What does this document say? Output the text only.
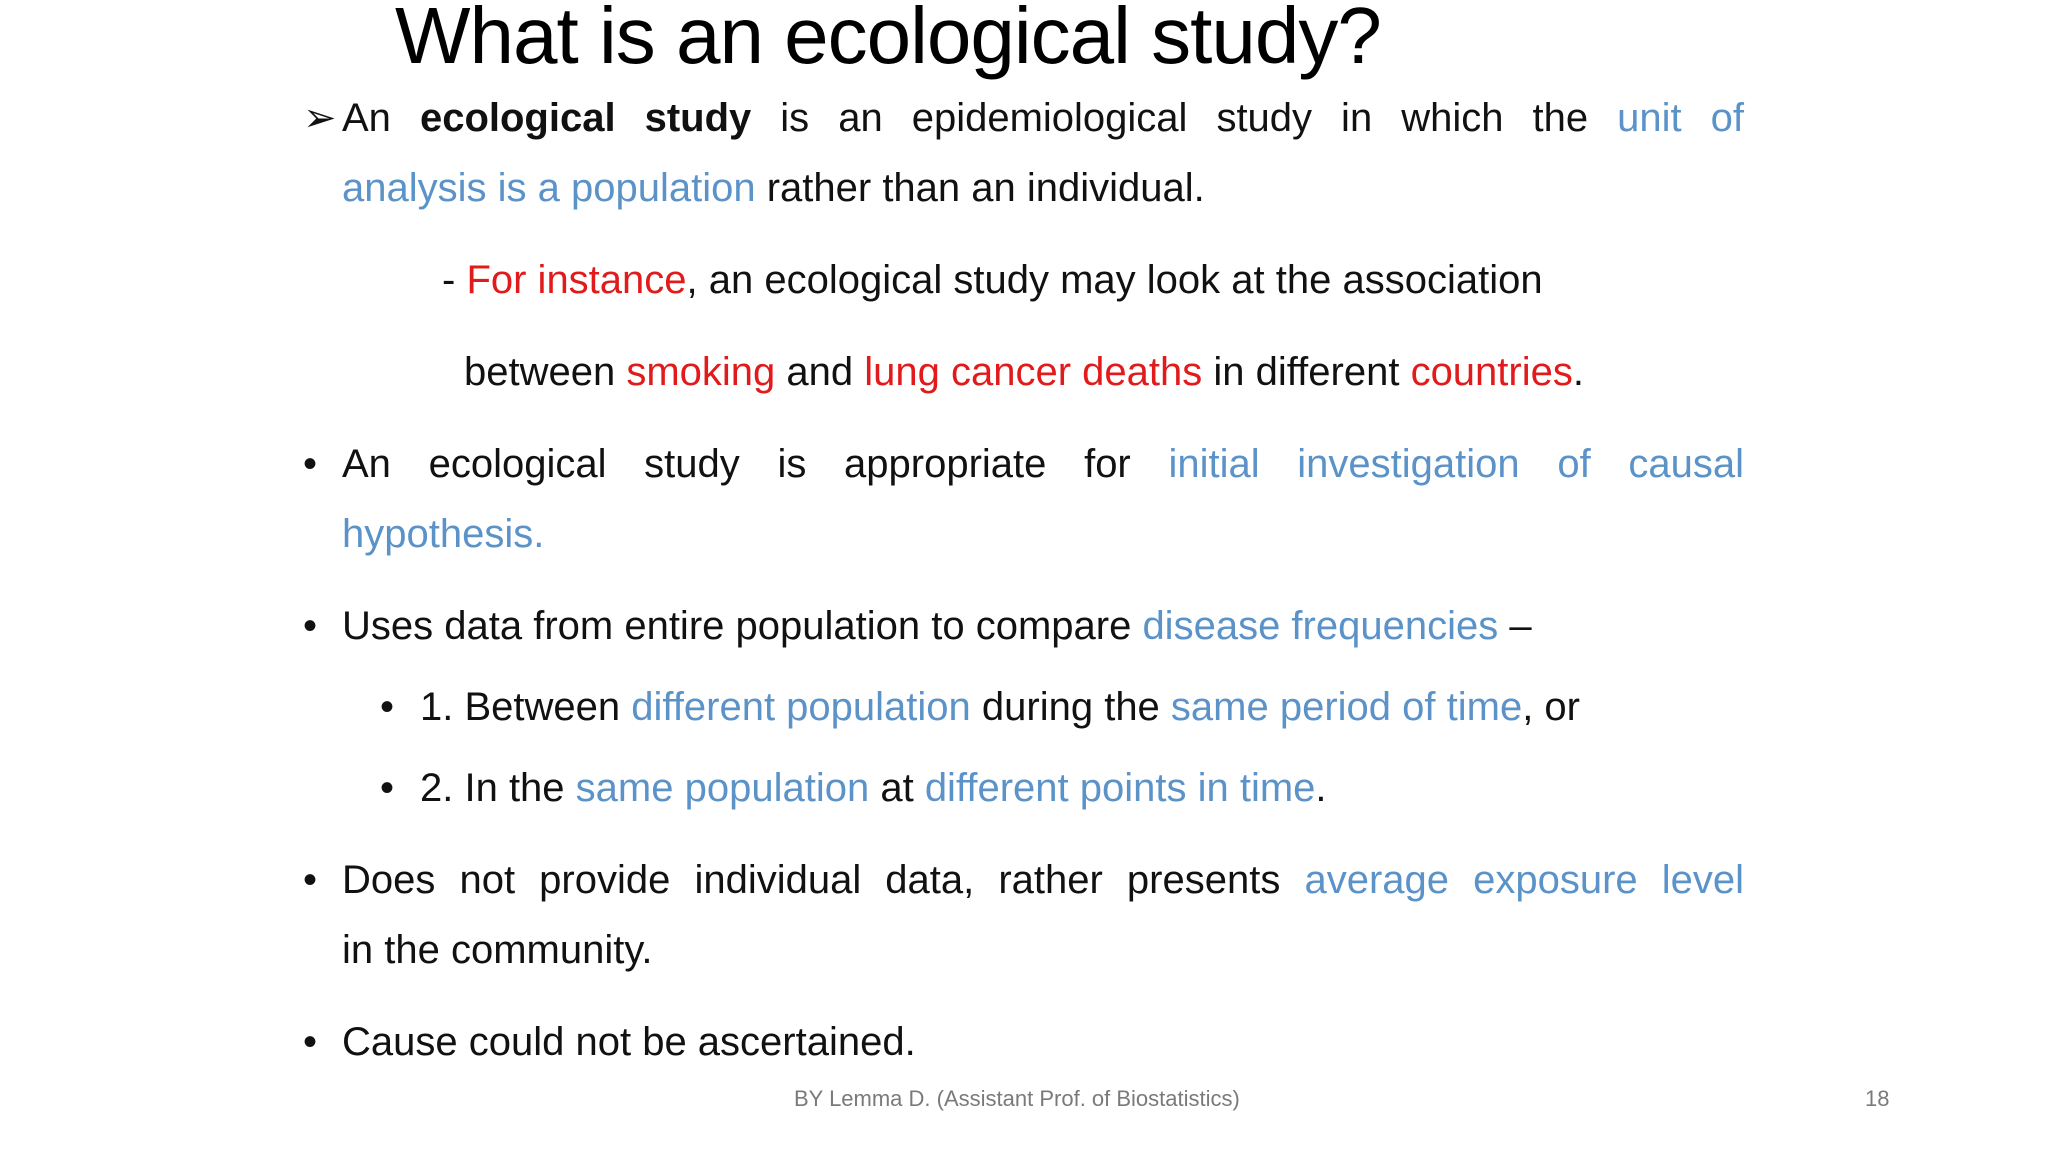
What is an ecological study?
➢ An ecological study is an epidemiological study in which the unit of
analysis is a population rather than an individual.
- For instance, an ecological study may look at the association
between smoking and lung cancer deaths in different countries.
• An ecological study is appropriate for initial investigation of causal
hypothesis.
• Uses data from entire population to compare disease frequencies –
• 1. Between different population during the same period of time, or
• 2. In the same population at different points in time.
• Does not provide individual data, rather presents average exposure level
in the community.
• Cause could not be ascertained.
BY Lemma D. (Assistant Prof. of Biostatistics)	18
